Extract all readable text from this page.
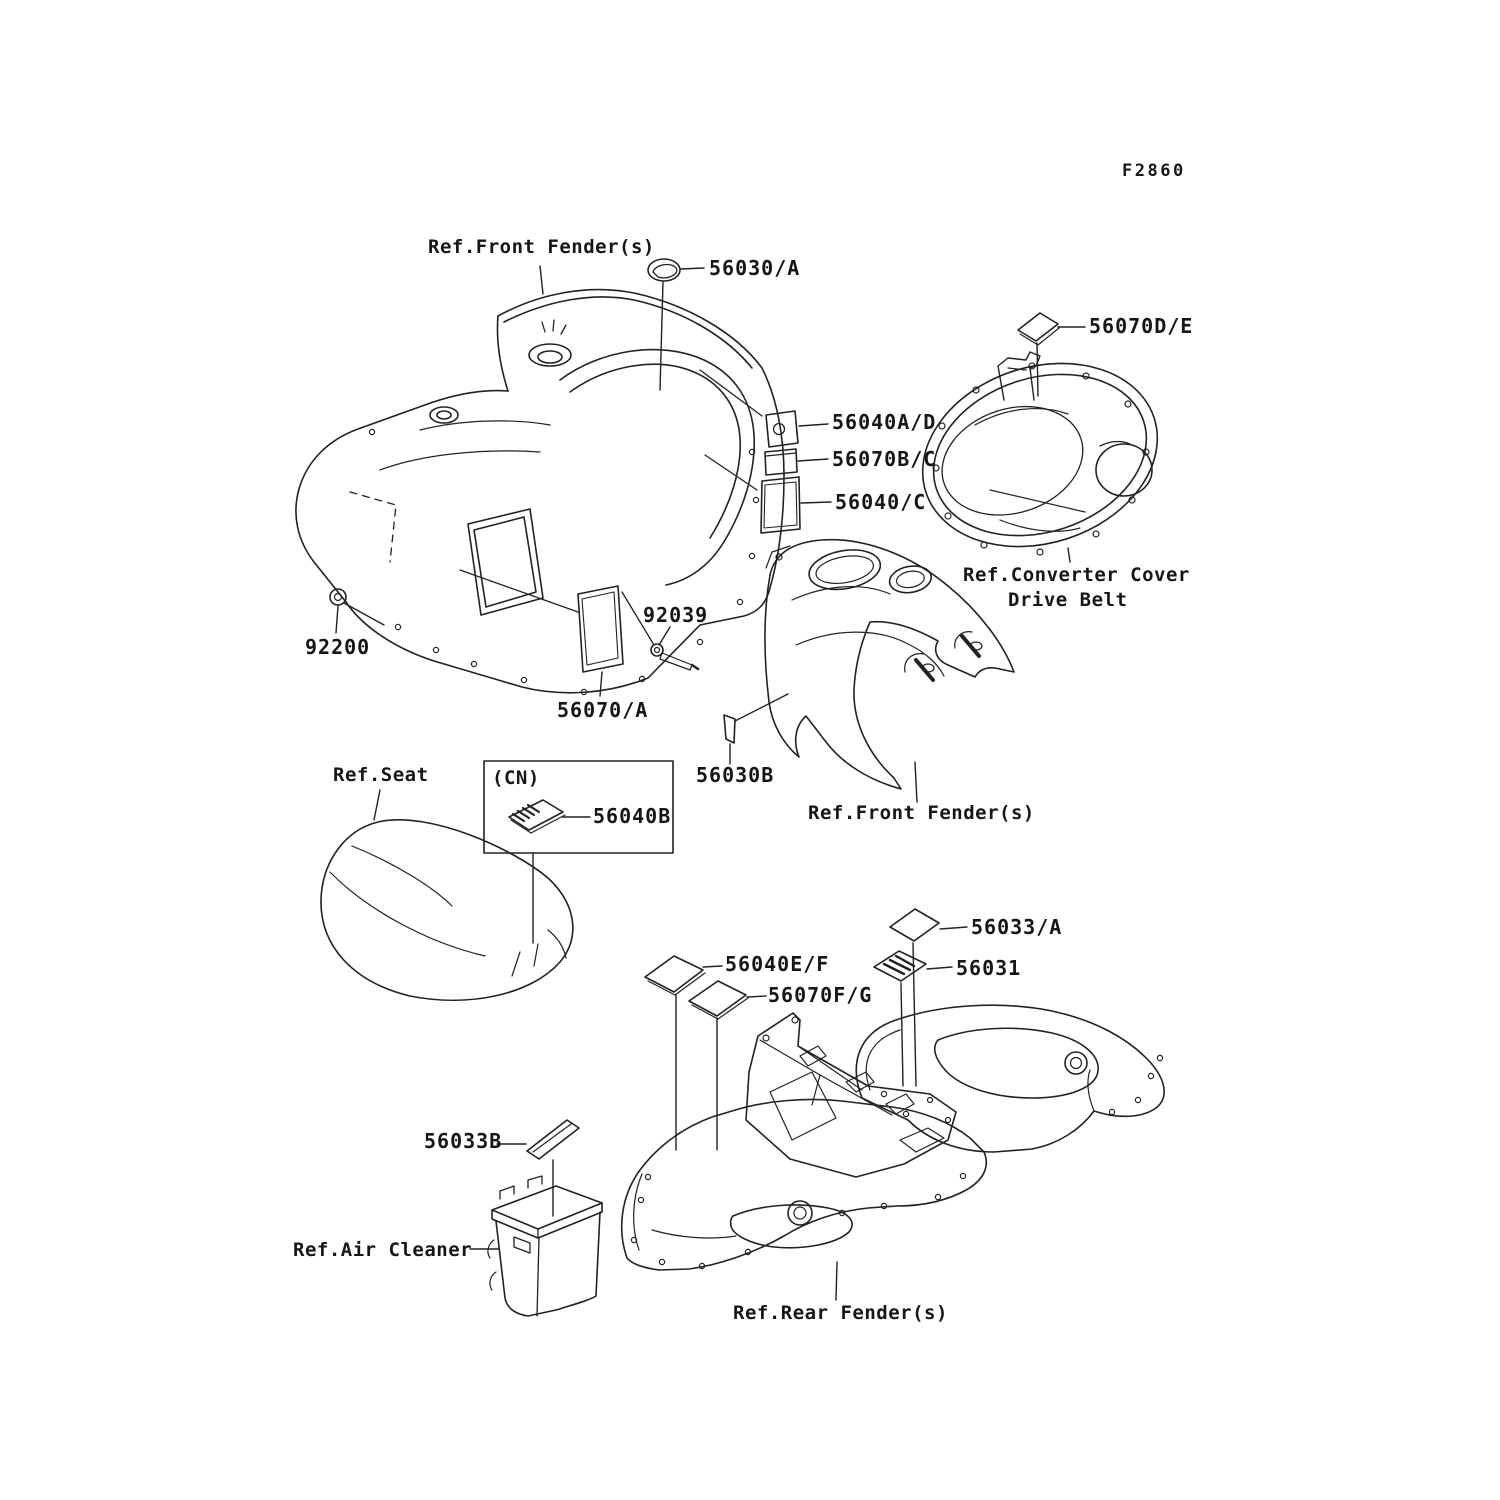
F2860
Ref.Front Fender(s)
56030/A
56070D/E
56040A/D
56070B/C
56040/C
Ref.Converter Cover
Drive Belt
92200
92039
56070/A
Ref.Seat	(CN)
56040B
56030B
Ref.Front Fender(s)
56033/A
56040E/F	56031
56070F/G
56033B
Ref.Air Cleaner
Ref.Rear Fender(s)
